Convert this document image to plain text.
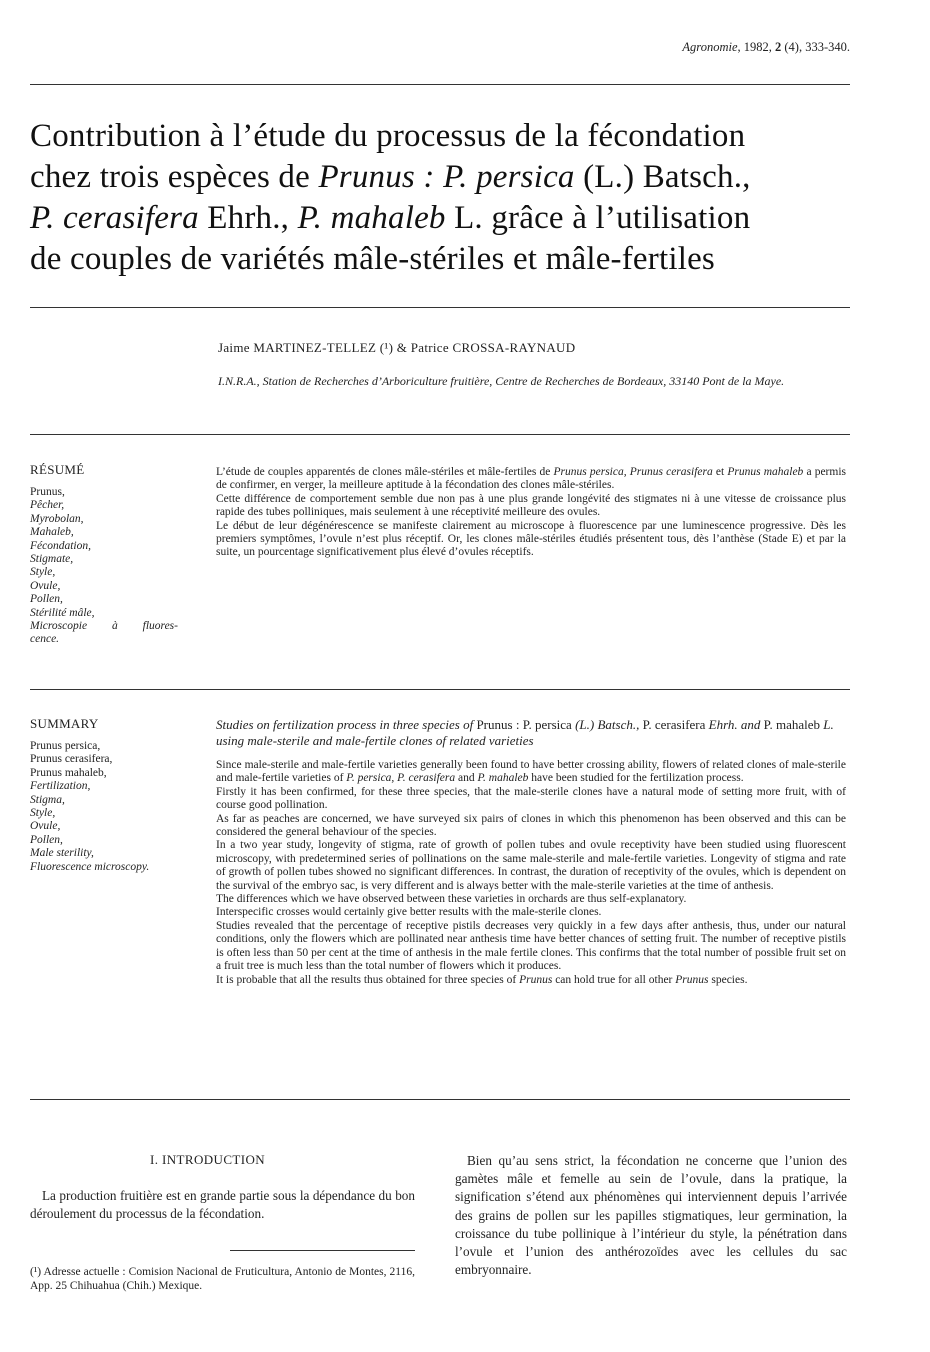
Agronomie, 1982, 2 (4), 333-340.
Contribution à l’étude du processus de la fécondation
chez trois espèces de Prunus : P. persica (L.) Batsch.,
P. cerasifera Ehrh., P. mahaleb L. grâce à l’utilisation
de couples de variétés mâle-stériles et mâle-fertiles
Jaime MARTINEZ-TELLEZ (¹) & Patrice CROSSA-RAYNAUD
I.N.R.A., Station de Recherches d’Arboriculture fruitière, Centre de Recherches de Bordeaux, 33140 Pont de la Maye.
RÉSUMÉ
Prunus,
Pêcher,
Myrobolan,
Mahaleb,
Fécondation,
Stigmate,
Style,
Ovule,
Pollen,
Stérilité mâle,
Microscopie à fluores-
cence.

L’étude de couples apparentés de clones mâle-stériles et mâle-fertiles de Prunus persica, Prunus cerasifera et Prunus mahaleb a permis de confirmer, en verger, la meilleure aptitude à la fécondation des clones mâle-stériles.

Cette différence de comportement semble due non pas à une plus grande longévité des stigmates ni à une vitesse de croissance plus rapide des tubes polliniques, mais seulement à une réceptivité meilleure des ovules.

Le début de leur dégénérescence se manifeste clairement au microscope à fluorescence par une luminescence progressive. Dès les premiers symptômes, l’ovule n’est plus réceptif. Or, les clones mâle-stériles étudiés présentent tous, dès l’anthèse (Stade E) et par la suite, un pourcentage significativement plus élevé d’ovules réceptifs.

SUMMARY
Prunus persica,
Prunus cerasifera,
Prunus mahaleb,
Fertilization,
Stigma,
Style,
Ovule,
Pollen,
Male sterility,
Fluorescence microscopy.
Studies on fertilization process in three species of Prunus : P. persica (L.) Batsch., P. cerasifera Ehrh. and P. mahaleb L. using male-sterile and male-fertile clones of related varieties

Since male-sterile and male-fertile varieties generally been found to have better crossing ability, flowers of related clones of male-sterile and male-fertile varieties of P. persica, P. cerasifera and P. mahaleb have been studied for the fertilization process.

Firstly it has been confirmed, for these three species, that the male-sterile clones have a natural mode of setting more fruit, with of course good pollination.

As far as peaches are concerned, we have surveyed six pairs of clones in which this phenomenon has been observed and this can be considered the general behaviour of the species.

In a two year study, longevity of stigma, rate of growth of pollen tubes and ovule receptivity have been studied using fluorescent microscopy, with predetermined series of pollinations on the same male-sterile and male-fertile varieties. Longevity of stigma and rate of growth of pollen tubes showed no significant differences. In contrast, the duration of receptivity of the ovules, which is dependent on the survival of the embryo sac, is very different and is always better with the male-sterile varieties at the time of anthesis.

The differences which we have observed between these varieties in orchards are thus self-explanatory.

Interspecific crosses would certainly give better results with the male-sterile clones.

Studies revealed that the percentage of receptive pistils decreases very quickly in a few days after anthesis, thus, under our natural conditions, only the flowers which are pollinated near anthesis time have better chances of setting fruit. The number of receptive pistils is often less than 50 per cent at the time of anthesis in the male fertile clones. This confirms that the total number of possible fruit set on a fruit tree is much less than the total number of flowers which it produces.

It is probable that all the results thus obtained for three species of Prunus can hold true for all other Prunus species.

I. INTRODUCTION

La production fruitière est en grande partie sous la dépendance du bon déroulement du processus de la fécondation.

(¹) Adresse actuelle : Comision Nacional de Fruticultura, Antonio de Montes, 2116, App. 25 Chihuahua (Chih.) Mexique.

Bien qu’au sens strict, la fécondation ne concerne que l’union des gamètes mâle et femelle au sein de l’ovule, dans la pratique, la signification s’étend aux phénomènes qui interviennent depuis l’arrivée des grains de pollen sur les papilles stigmatiques, leur germination, la croissance du tube pollinique à l’intérieur du style, la pénétration dans l’ovule et l’union des anthérozoïdes avec les cellules du sac embryonnaire.
